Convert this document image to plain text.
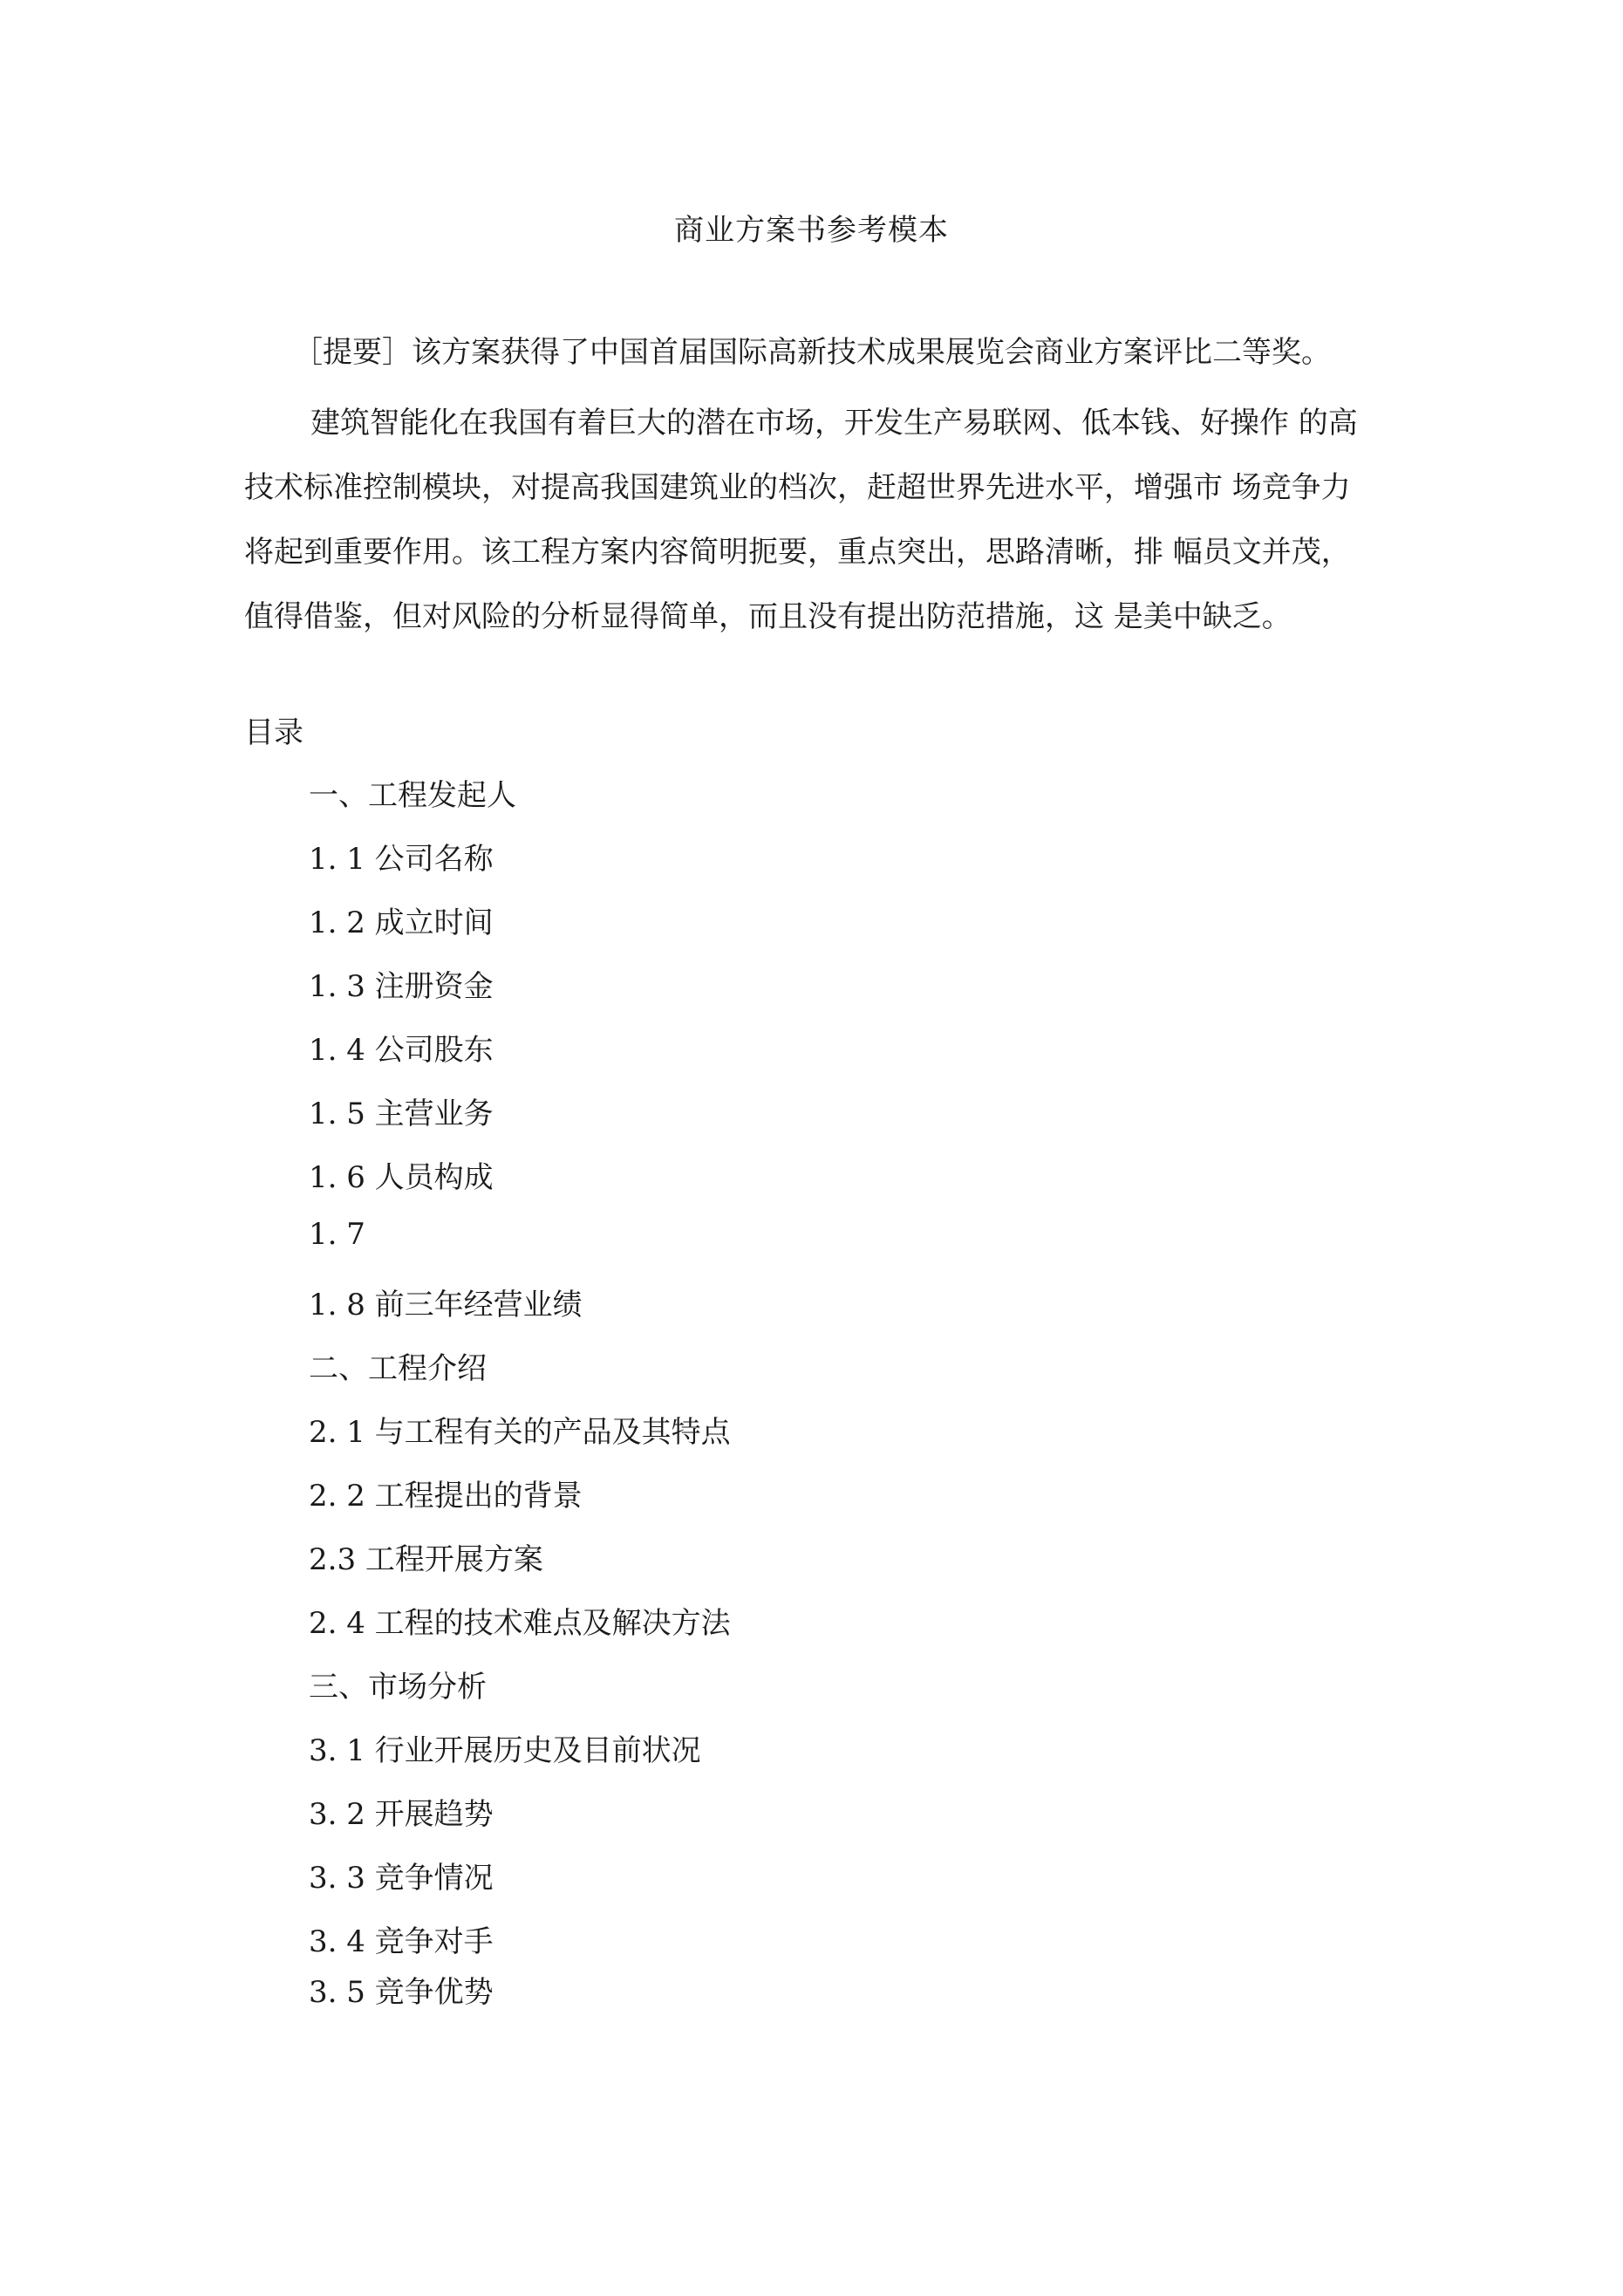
商业方案书参考模本
［提要］该方案获得了中国首届国际高新技术成果展览会商业方案评比二等奖。
建筑智能化在我国有着巨大的潜在市场，开发生产易联网、低本钱、好操作 的高
技术标准控制模块，对提高我国建筑业的档次，赶超世界先进水平，增强市 场竞争力
将起到重要作用。该工程方案内容简明扼要，重点突出，思路清晰，排 幅员文并茂，
值得借鉴，但对风险的分析显得简单，而且没有提出防范措施，这 是美中缺乏。
目录
一、工程发起人
1. 1 公司名称
1. 2 成立时间
1. 3 注册资金
1. 4 公司股东
1. 5 主营业务
1. 6 人员构成
1. 7
1. 8 前三年经营业绩
二、工程介绍
2. 1 与工程有关的产品及其特点
2. 2 工程提出的背景
2.3 工程开展方案
2. 4 工程的技术难点及解决方法
三、市场分析
3. 1 行业开展历史及目前状况
3. 2 开展趋势
3. 3 竞争情况
3. 4 竞争对手
3. 5 竞争优势
